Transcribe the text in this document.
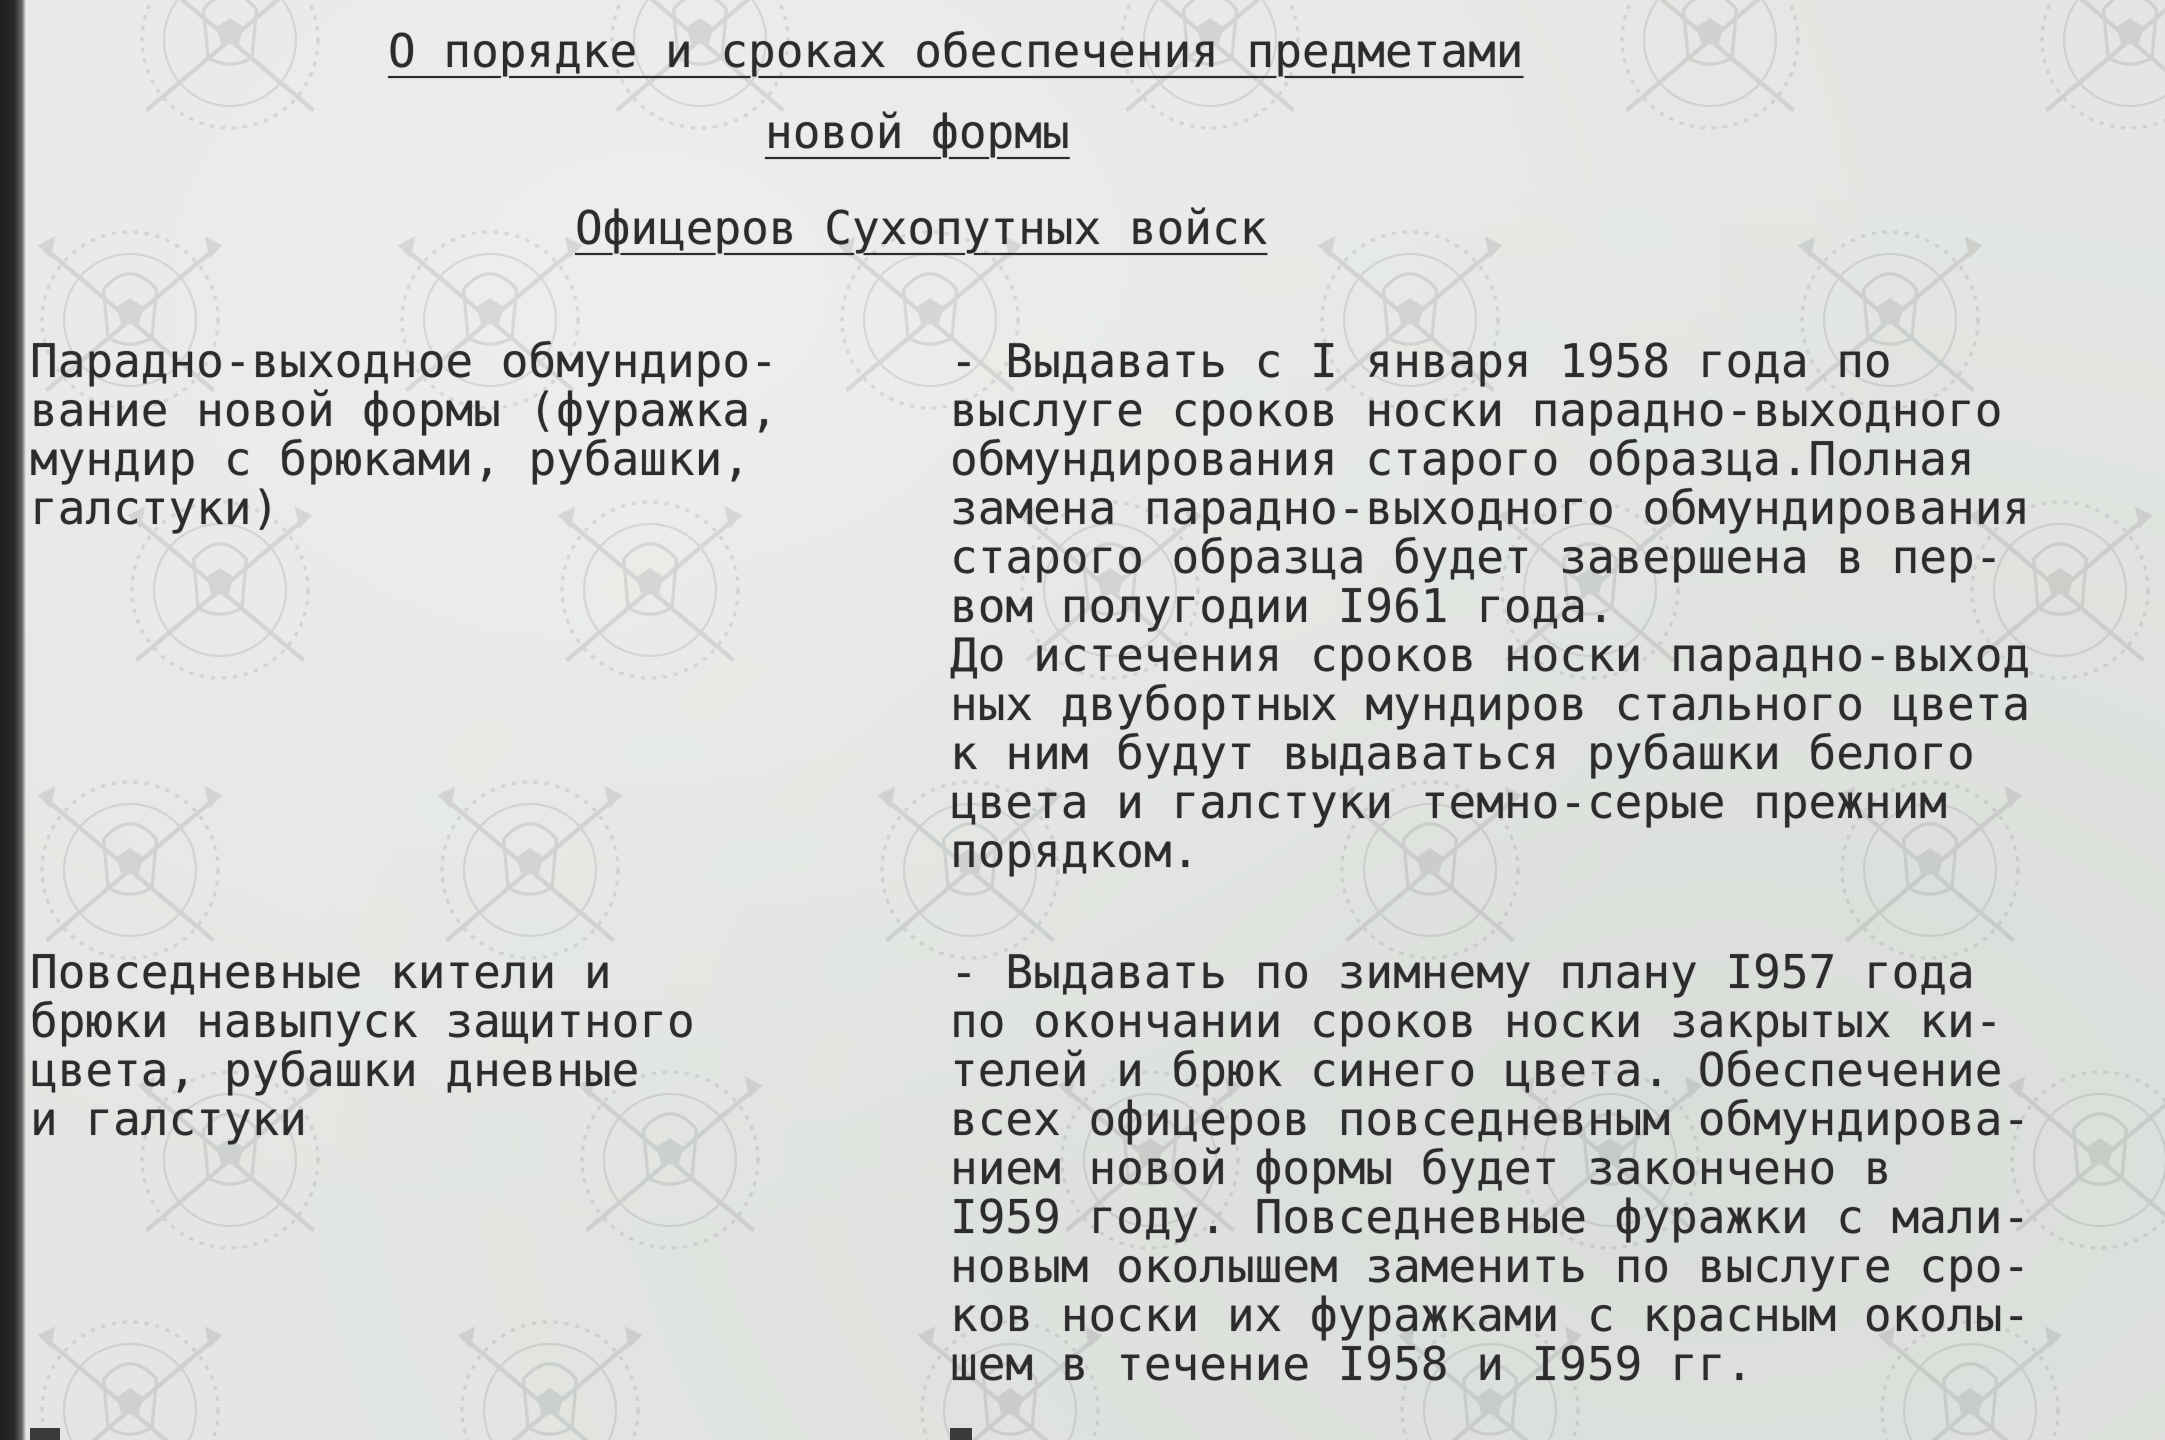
О порядке и сроках обеспечения предметами
новой формы
Офицеров Сухопутных войск
Парадно-выходное обмундиро-
вание новой формы (фуражка,
мундир с брюками, рубашки,
галстуки)
- Выдавать с I января 1958 года по
выслуге сроков носки парадно-выходного
обмундирования старого образца.Полная
замена парадно-выходного обмундирования
старого образца будет завершена в пер-
вом полугодии I961 года.
До истечения сроков носки парадно-выход
ных двубортных мундиров стального цвета
к ним будут выдаваться рубашки белого
цвета и галстуки темно-серые прежним
порядком.
Повседневные кители и
брюки навыпуск защитного
цвета, рубашки дневные
и галстуки
- Выдавать по зимнему плану I957 года
по окончании сроков носки закрытых ки-
телей и брюк синего цвета. Обеспечение
всех офицеров повседневным обмундирова-
нием новой формы будет закончено в
I959 году. Повседневные фуражки с мали-
новым околышем заменить по выслуге сро-
ков носки их фуражками с красным околы-
шем в течение I958 и I959 гг.
